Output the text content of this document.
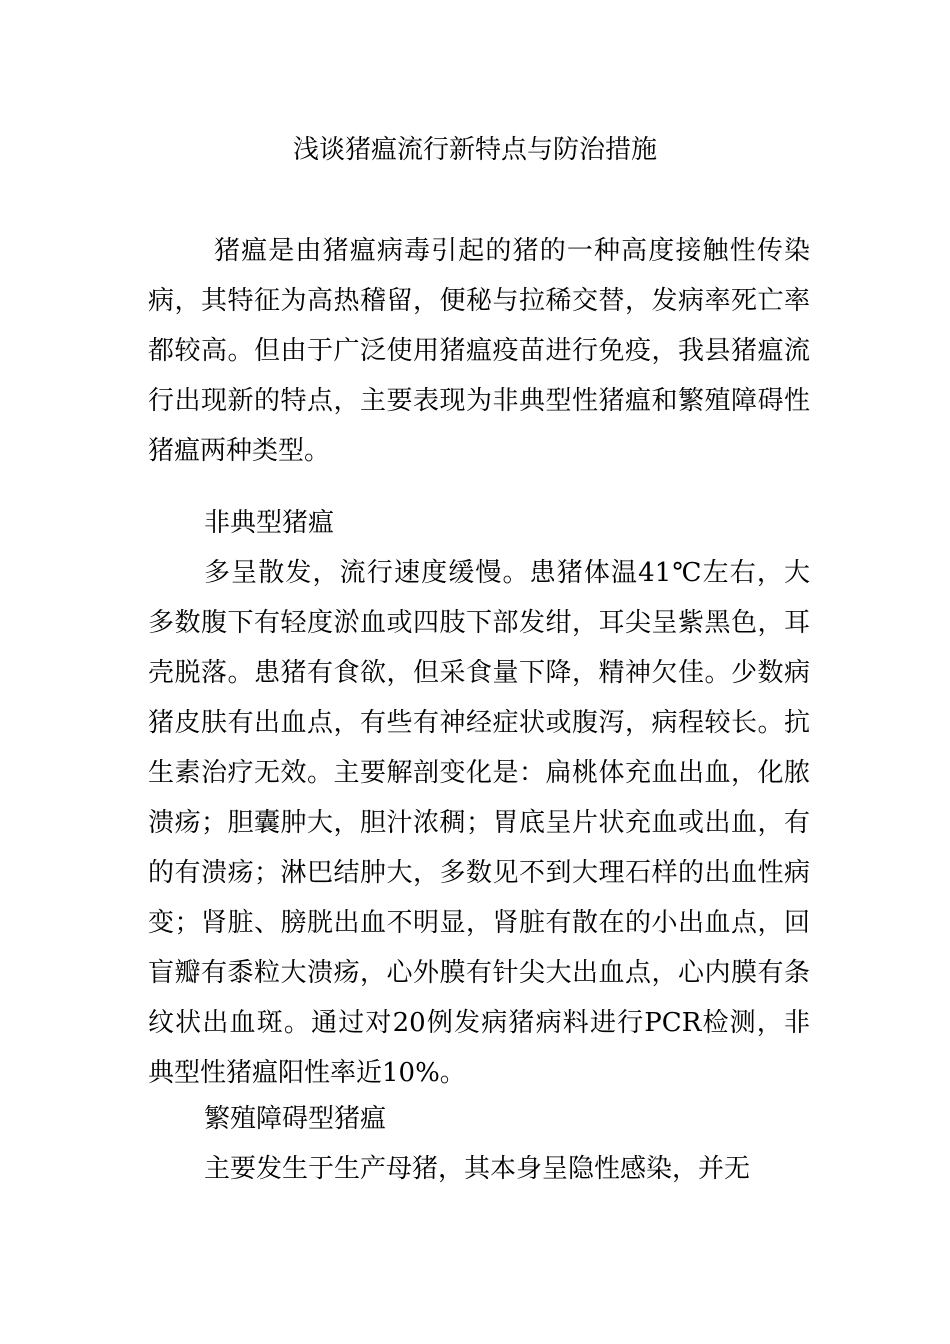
浅谈猪瘟流行新特点与防治措施

猪瘟是由猪瘟病毒引起的猪的一种高度接触性传染病，其特征为高热稽留，便秘与拉稀交替，发病率死亡率都较高。但由于广泛使用猪瘟疫苗进行免疫，我县猪瘟流行出现新的特点，主要表现为非典型性猪瘟和繁殖障碍性猪瘟两种类型。

非典型猪瘟

多呈散发，流行速度缓慢。患猪体温41℃左右，大多数腹下有轻度淤血或四肢下部发绀，耳尖呈紫黑色，耳壳脱落。患猪有食欲，但采食量下降，精神欠佳。少数病猪皮肤有出血点，有些有神经症状或腹泻，病程较长。抗生素治疗无效。主要解剖变化是：扁桃体充血出血，化脓溃疡；胆囊肿大，胆汁浓稠；胃底呈片状充血或出血，有的有溃疡；淋巴结肿大，多数见不到大理石样的出血性病变；肾脏、膀胱出血不明显，肾脏有散在的小出血点，回盲瓣有黍粒大溃疡，心外膜有针尖大出血点，心内膜有条纹状出血斑。通过对20例发病猪病料进行PCR检测，非典型性猪瘟阳性率近10%。

繁殖障碍型猪瘟

主要发生于生产母猪，其本身呈隐性感染，并无
